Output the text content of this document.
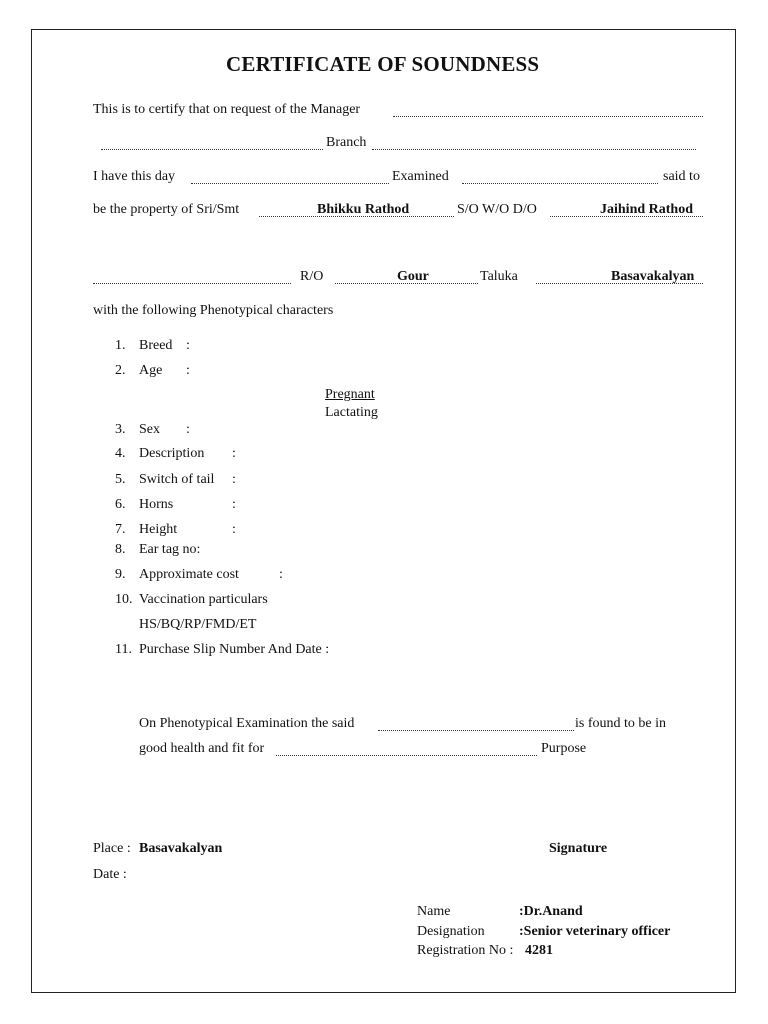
CERTIFICATE OF SOUNDNESS
This is to certify that on request of the Manager
Branch
I have this day	Examined	said to
be the property of Sri/Smt	Bhikku Rathod	S/O W/O D/O	Jaihind Rathod
R/O	Gour	Taluka	Basavakalyan
with the following Phenotypical characters
1. Breed :
2. Age :
Pregnant
Lactating
3. Sex :
4. Description :
5. Switch of tail :
6. Horns	:
7. Height	:
8. Ear tag no:
9. Approximate cost	:
10. Vaccination particulars
HS/BQ/RP/FMD/ET
11. Purchase Slip Number And Date :
On Phenotypical Examination the said	is found to be in
good health and fit for	Purpose
Place : Basavakalyan	Signature
Date :
Name	:Dr.Anand
Designation :Senior veterinary officer
Registration No : 4281
